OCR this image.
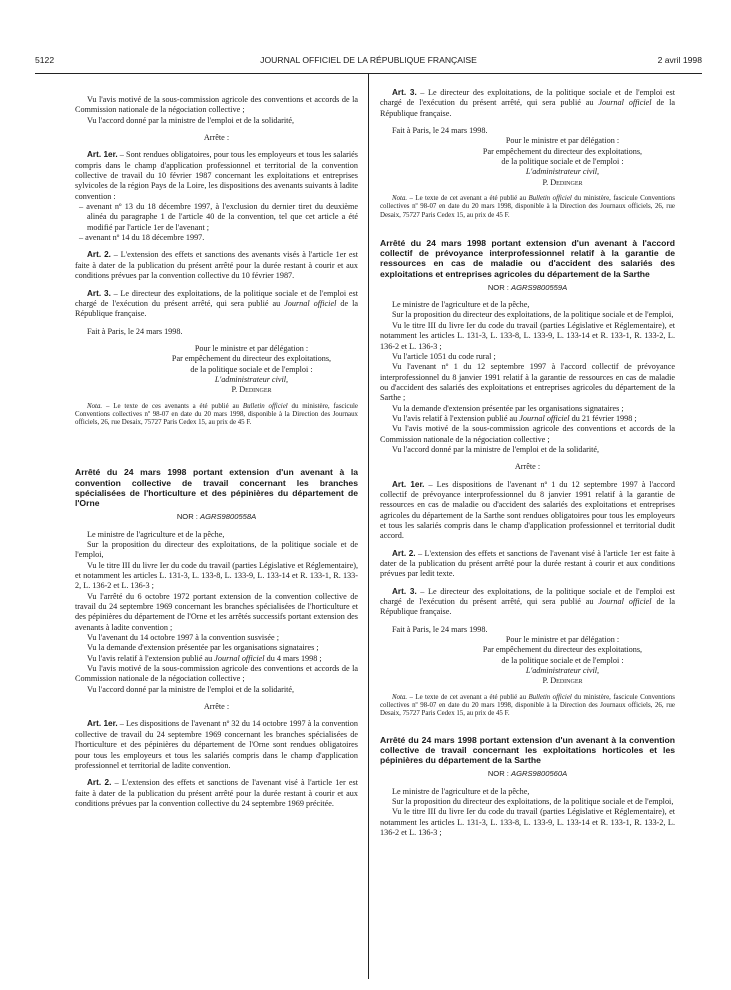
5122	JOURNAL OFFICIEL DE LA RÉPUBLIQUE FRANÇAISE	2 avril 1998

Vu l'avis motivé de la sous-commission agricole des conventions et accords de la Commission nationale de la négociation collective ;

Vu l'accord donné par la ministre de l'emploi et de la solidarité,

Arrête :

Art. 1er. – Sont rendues obligatoires, pour tous les employeurs et tous les salariés compris dans le champ d'application professionnel et territorial de la convention collective de travail du 10 février 1987 concernant les exploitations et entreprises sylvicoles de la région Pays de la Loire, les dispositions des avenants suivants à ladite convention :

– avenant nº 13 du 18 décembre 1997, à l'exclusion du dernier tiret du deuxième alinéa du paragraphe 1 de l'article 40 de la convention, tel que cet article a été modifié par l'article 1er de l'avenant ;
– avenant nº 14 du 18 décembre 1997.

Art. 2. – L'extension des effets et sanctions des avenants visés à l'article 1er est faite à dater de la publication du présent arrêté pour la durée restant à courir et aux conditions prévues par la convention collective du 10 février 1987.

Art. 3. – Le directeur des exploitations, de la politique sociale et de l'emploi est chargé de l'exécution du présent arrêté, qui sera publié au Journal officiel de la République française.

Fait à Paris, le 24 mars 1998.

Pour le ministre et par délégation :
Par empêchement du directeur des exploitations,
de la politique sociale et de l'emploi :
L'administrateur civil,
P. Dedinger

Nota. – Le texte de ces avenants a été publié au Bulletin officiel du ministère, fascicule Conventions collectives nº 98-07 en date du 20 mars 1998, disponible à la Direction des Journaux officiels, 26, rue Desaix, 75727 Paris Cedex 15, au prix de 45 F.

Arrêté du 24 mars 1998 portant extension d'un avenant à la convention collective de travail concernant les branches spécialisées de l'horticulture et des pépinières du département de l'Orne

NOR : AGRS9800558A

Le ministre de l'agriculture et de la pêche,

Sur la proposition du directeur des exploitations, de la politique sociale et de l'emploi,

Vu le titre III du livre Ier du code du travail (parties Législative et Réglementaire), et notamment les articles L. 131-3, L. 133-8, L. 133-9, L. 133-14 et R. 133-1, R. 133-2, L. 136-2 et L. 136-3 ;

Vu l'arrêté du 6 octobre 1972 portant extension de la convention collective de travail du 24 septembre 1969 concernant les branches spécialisées de l'horticulture et des pépinières du département de l'Orne et les arrêtés successifs portant extension des avenants à ladite convention ;

Vu l'avenant du 14 octobre 1997 à la convention susvisée ;

Vu la demande d'extension présentée par les organisations signataires ;

Vu l'avis relatif à l'extension publié au Journal officiel du 4 mars 1998 ;

Vu l'avis motivé de la sous-commission agricole des conventions et accords de la Commission nationale de la négociation collective ;

Vu l'accord donné par la ministre de l'emploi et de la solidarité,

Arrête :

Art. 1er. – Les dispositions de l'avenant nº 32 du 14 octobre 1997 à la convention collective de travail du 24 septembre 1969 concernant les branches spécialisées de l'horticulture et des pépinières du département de l'Orne sont rendues obligatoires pour tous les employeurs et tous les salariés compris dans le champ d'application professionnel et territorial de ladite convention.

Art. 2. – L'extension des effets et sanctions de l'avenant visé à l'article 1er est faite à dater de la publication du présent arrêté pour la durée restant à courir et aux conditions prévues par la convention collective du 24 septembre 1969 précitée.

Art. 3. – Le directeur des exploitations, de la politique sociale et de l'emploi est chargé de l'exécution du présent arrêté, qui sera publié au Journal officiel de la République française.

Fait à Paris, le 24 mars 1998.

Pour le ministre et par délégation :
Par empêchement du directeur des exploitations,
de la politique sociale et de l'emploi :
L'administrateur civil,
P. Dedinger

Nota. – Le texte de cet avenant a été publié au Bulletin officiel du ministère, fascicule Conventions collectives nº 98-07 en date du 20 mars 1998, disponible à la Direction des Journaux officiels, 26, rue Desaix, 75727 Paris Cedex 15, au prix de 45 F.

Arrêté du 24 mars 1998 portant extension d'un avenant à l'accord collectif de prévoyance interprofessionnel relatif à la garantie de ressources en cas de maladie ou d'accident des salariés des exploitations et entreprises agricoles du département de la Sarthe

NOR : AGRS9800559A

Le ministre de l'agriculture et de la pêche,

Sur la proposition du directeur des exploitations, de la politique sociale et de l'emploi,

Vu le titre III du livre Ier du code du travail (parties Législative et Réglementaire), et notamment les articles L. 131-3, L. 133-8, L. 133-9, L. 133-14 et R. 133-1, R. 133-2, L. 136-2 et L. 136-3 ;

Vu l'article 1051 du code rural ;

Vu l'avenant nº 1 du 12 septembre 1997 à l'accord collectif de prévoyance interprofessionnel du 8 janvier 1991 relatif à la garantie de ressources en cas de maladie ou d'accident des salariés des exploitations et entreprises agricoles du département de la Sarthe ;

Vu la demande d'extension présentée par les organisations signataires ;

Vu l'avis relatif à l'extension publié au Journal officiel du 21 février 1998 ;

Vu l'avis motivé de la sous-commission agricole des conventions et accords de la Commission nationale de la négociation collective ;

Vu l'accord donné par la ministre de l'emploi et de la solidarité,

Arrête :

Art. 1er. – Les dispositions de l'avenant nº 1 du 12 septembre 1997 à l'accord collectif de prévoyance interprofessionnel du 8 janvier 1991 relatif à la garantie de ressources en cas de maladie ou d'accident des salariés des exploitations et entreprises agricoles du département de la Sarthe sont rendues obligatoires pour tous les employeurs et tous les salariés compris dans le champ d'application professionnel et territorial dudit accord.

Art. 2. – L'extension des effets et sanctions de l'avenant visé à l'article 1er est faite à dater de la publication du présent arrêté pour la durée restant à courir et aux conditions prévues par ledit texte.

Art. 3. – Le directeur des exploitations, de la politique sociale et de l'emploi est chargé de l'exécution du présent arrêté, qui sera publié au Journal officiel de la République française.

Fait à Paris, le 24 mars 1998.

Pour le ministre et par délégation :
Par empêchement du directeur des exploitations,
de la politique sociale et de l'emploi :
L'administrateur civil,
P. Dedinger

Nota. – Le texte de cet avenant a été publié au Bulletin officiel du ministère, fascicule Conventions collectives nº 98-07 en date du 20 mars 1998, disponible à la Direction des Journaux officiels, 26, rue Desaix, 75727 Paris Cedex 15, au prix de 45 F.

Arrêté du 24 mars 1998 portant extension d'un avenant à la convention collective de travail concernant les exploitations horticoles et les pépinières du département de la Sarthe

NOR : AGRS9800560A

Le ministre de l'agriculture et de la pêche,

Sur la proposition du directeur des exploitations, de la politique sociale et de l'emploi,

Vu le titre III du livre Ier du code du travail (parties Législative et Réglementaire), et notamment les articles L. 131-3, L. 133-8, L. 133-9, L. 133-14 et R. 133-1, R. 133-2, L. 136-2 et L. 136-3 ;
